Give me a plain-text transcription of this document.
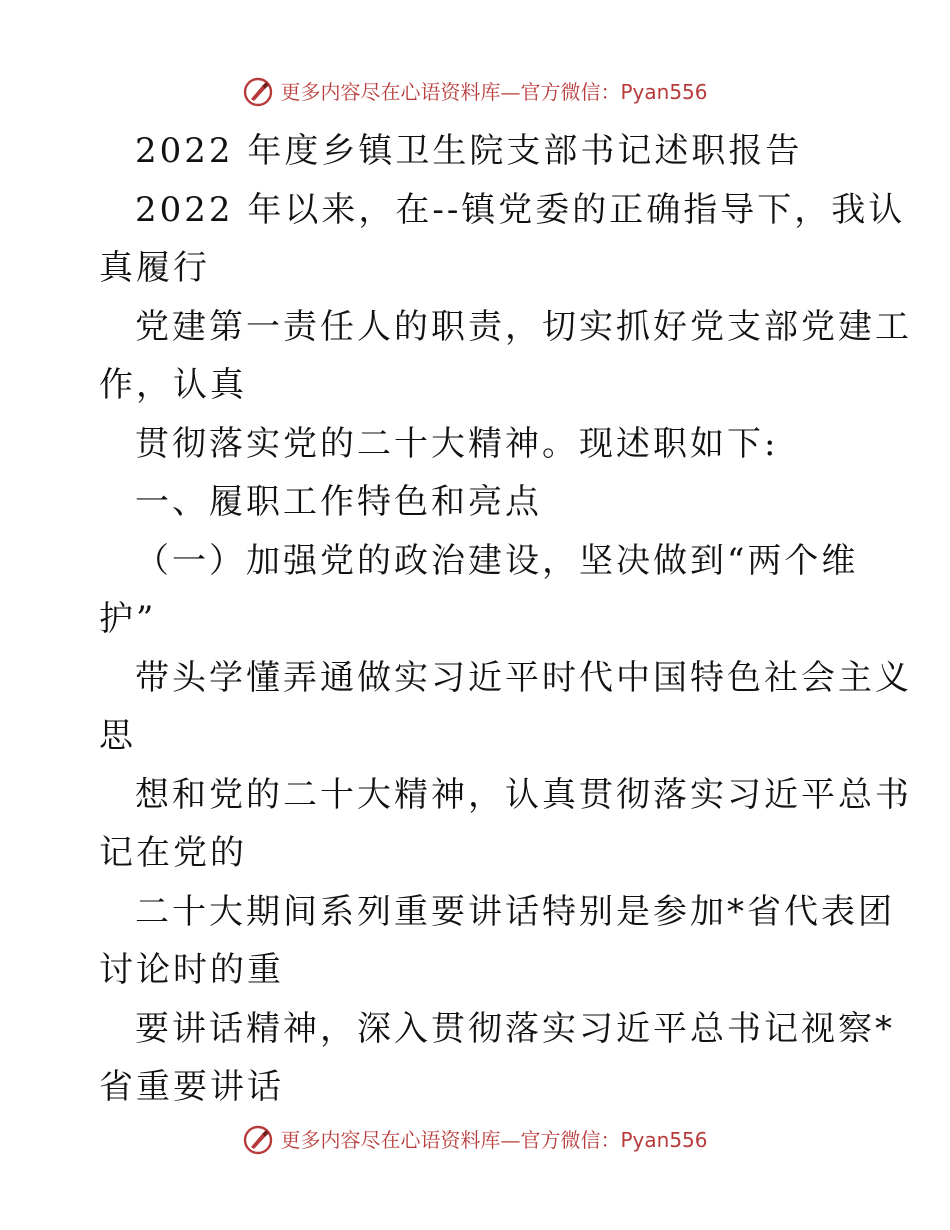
更多内容尽在心语资料库—官方微信：Pyan556
2022 年度乡镇卫生院支部书记述职报告
2022 年以来，在--镇党委的正确指导下，我认
真履行
党建第一责任人的职责，切实抓好党支部党建工
作，认真
贯彻落实党的二十大精神。现述职如下:
一、履职工作特色和亮点
（一）加强党的政治建设，坚决做到“两个维
护”
带头学懂弄通做实习近平时代中国特色社会主义
思
想和党的二十大精神，认真贯彻落实习近平总书
记在党的
二十大期间系列重要讲话特别是参加*省代表团
讨论时的重
要讲话精神，深入贯彻落实习近平总书记视察*
省重要讲话
更多内容尽在心语资料库—官方微信：Pyan556
